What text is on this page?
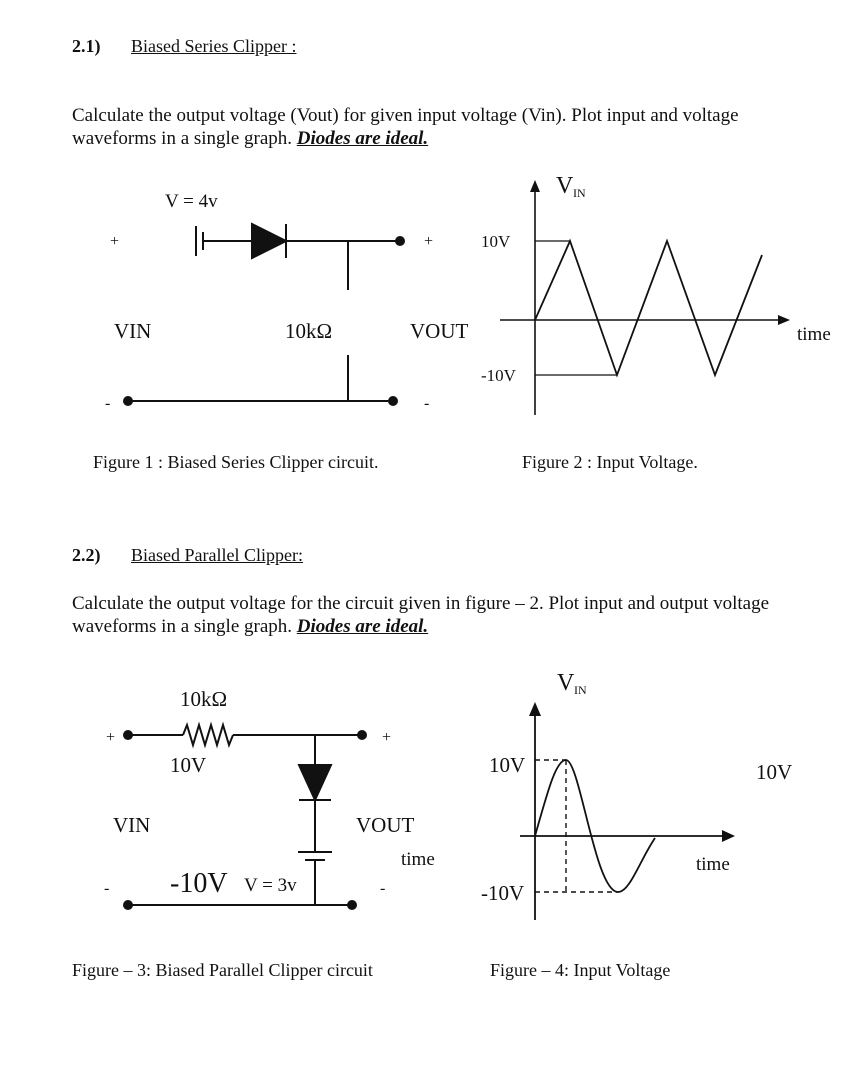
2.1) Biased Series Clipper :
Calculate the output voltage (Vout) for given input voltage (Vin). Plot input and voltage waveforms in a single graph. Diodes are ideal.
V = 4v
+	+
-	-
VIN	10kΩ	VOUT
V IN
10V
-10V
time
10kΩ
10V
+	+
-	-
VIN	VOUT
time
-10V V = 3v
V IN
10V
-10V
time
10V
Figure 1 : Biased Series Clipper circuit.	Figure 2 : Input Voltage.
2.2) Biased Parallel Clipper:
Calculate the output voltage for the circuit given in figure – 2. Plot input and output voltage waveforms in a single graph. Diodes are ideal.
Figure – 3: Biased Parallel Clipper circuit	Figure – 4: Input Voltage
